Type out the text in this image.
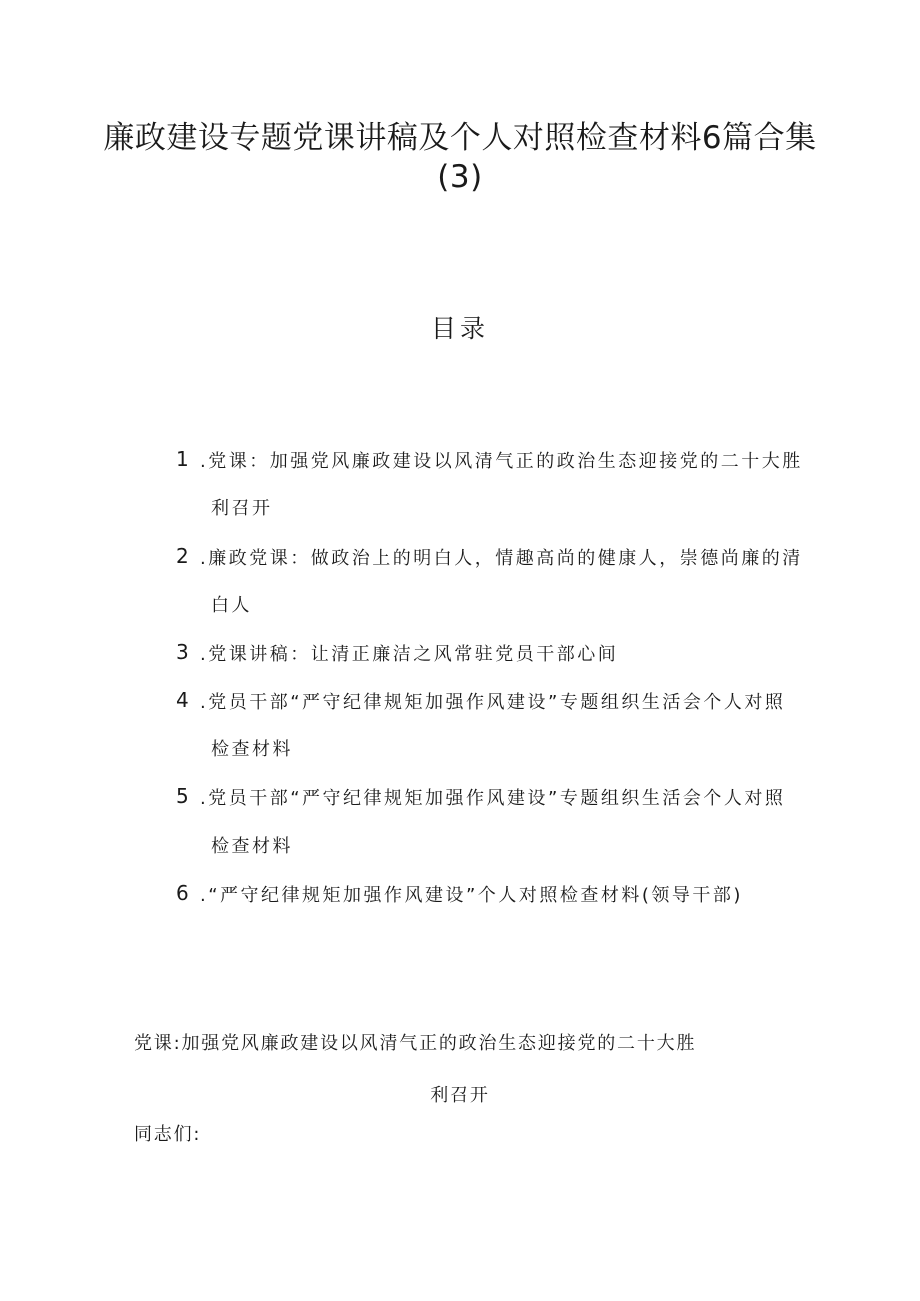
廉政建设专题党课讲稿及个人对照检查材料6篇合集
(3)
目录
1 .党课：加强党风廉政建设以风清气正的政治生态迎接党的二十大胜
利召开
2 .廉政党课：做政治上的明白人，情趣高尚的健康人，崇德尚廉的清
白人
3 .党课讲稿：让清正廉洁之风常驻党员干部心间
4 .党员干部“严守纪律规矩加强作风建设”专题组织生活会个人对照
检查材料
5 .党员干部“严守纪律规矩加强作风建设”专题组织生活会个人对照
检查材料
6 .“严守纪律规矩加强作风建设”个人对照检查材料(领导干部)
党课:加强党风廉政建设以风清气正的政治生态迎接党的二十大胜
利召开
同志们:
